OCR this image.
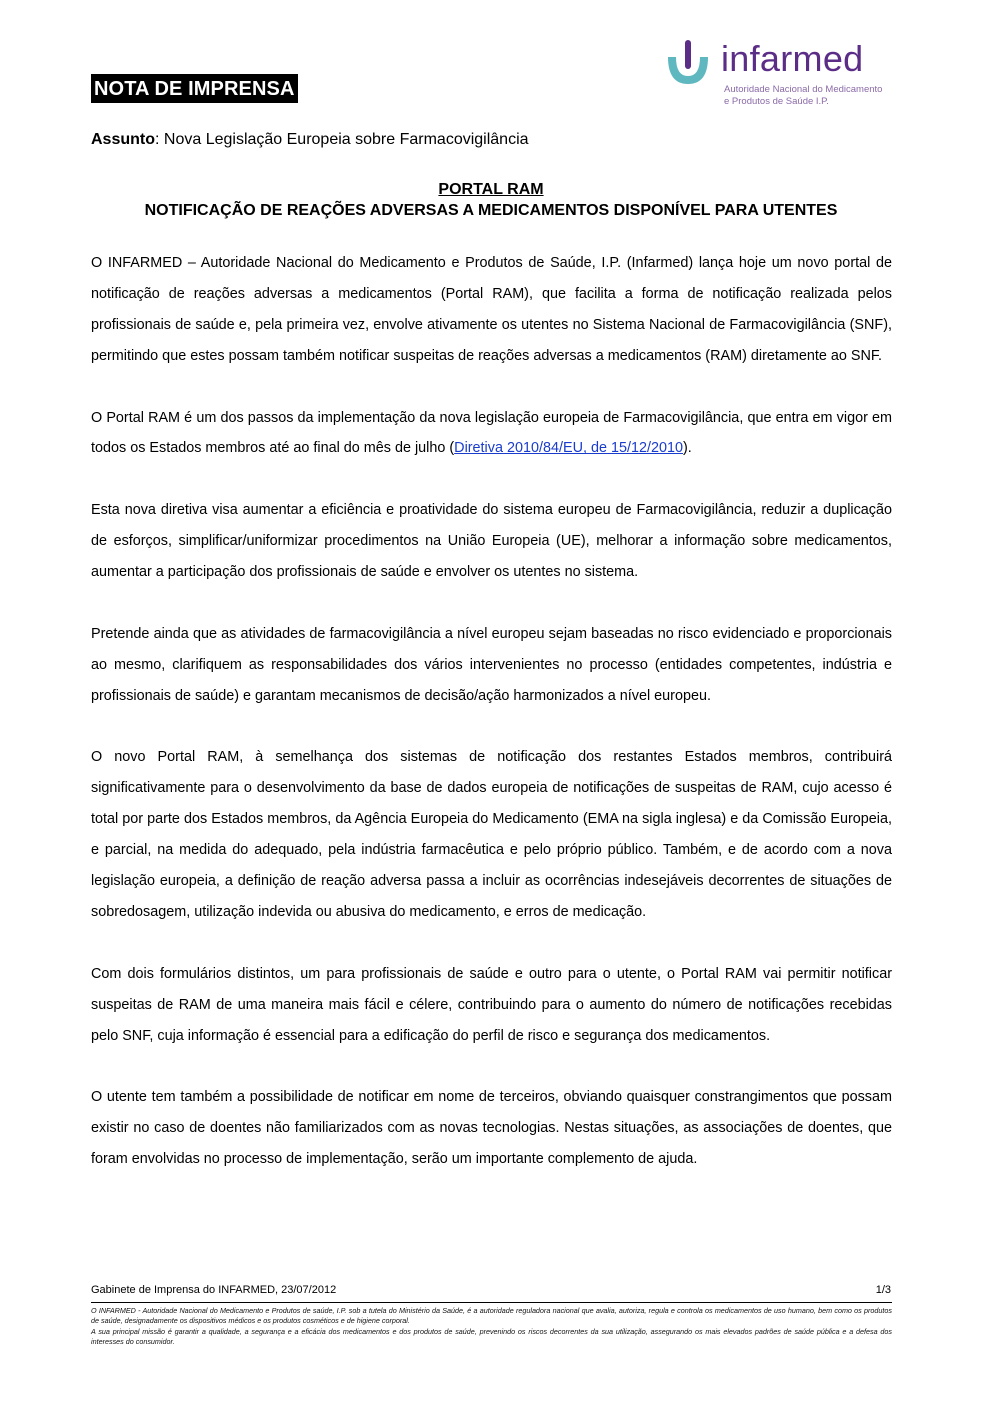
NOTA DE IMPRENSA
infarmed
Autoridade Nacional do Medicamento
e Produtos de Saúde I.P.
Assunto: Nova Legislação Europeia sobre Farmacovigilância
PORTAL RAM
NOTIFICAÇÃO DE REAÇÕES ADVERSAS A MEDICAMENTOS DISPONÍVEL PARA UTENTES

O INFARMED – Autoridade Nacional do Medicamento e Produtos de Saúde, I.P. (Infarmed) lança hoje um novo portal de notificação de reações adversas a medicamentos (Portal RAM), que facilita a forma de notificação realizada pelos profissionais de saúde e, pela primeira vez, envolve ativamente os utentes no Sistema Nacional de Farmacovigilância (SNF), permitindo que estes possam também notificar suspeitas de reações adversas a medicamentos (RAM) diretamente ao SNF.

O Portal RAM é um dos passos da implementação da nova legislação europeia de Farmacovigilância, que entra em vigor em todos os Estados membros até ao final do mês de julho (Diretiva 2010/84/EU, de 15/12/2010).

Esta nova diretiva visa aumentar a eficiência e proatividade do sistema europeu de Farmacovigilância, reduzir a duplicação de esforços, simplificar/uniformizar procedimentos na União Europeia (UE), melhorar a informação sobre medicamentos, aumentar a participação dos profissionais de saúde e envolver os utentes no sistema.

Pretende ainda que as atividades de farmacovigilância a nível europeu sejam baseadas no risco evidenciado e proporcionais ao mesmo, clarifiquem as responsabilidades dos vários intervenientes no processo (entidades competentes, indústria e profissionais de saúde) e garantam mecanismos de decisão/ação harmonizados a nível europeu.

O novo Portal RAM, à semelhança dos sistemas de notificação dos restantes Estados membros, contribuirá significativamente para o desenvolvimento da base de dados europeia de notificações de suspeitas de RAM, cujo acesso é total por parte dos Estados membros, da Agência Europeia do Medicamento (EMA na sigla inglesa) e da Comissão Europeia, e parcial, na medida do adequado, pela indústria farmacêutica e pelo próprio público. Também, e de acordo com a nova legislação europeia, a definição de reação adversa passa a incluir as ocorrências indesejáveis decorrentes de situações de sobredosagem, utilização indevida ou abusiva do medicamento, e erros de medicação.

Com dois formulários distintos, um para profissionais de saúde e outro para o utente, o Portal RAM vai permitir notificar suspeitas de RAM de uma maneira mais fácil e célere, contribuindo para o aumento do número de notificações recebidas pelo SNF, cuja informação é essencial para a edificação do perfil de risco e segurança dos medicamentos.

O utente tem também a possibilidade de notificar em nome de terceiros, obviando quaisquer constrangimentos que possam existir no caso de doentes não familiarizados com as novas tecnologias. Nestas situações, as associações de doentes, que foram envolvidas no processo de implementação, serão um importante complemento de ajuda.

Gabinete de Imprensa do INFARMED, 23/07/2012	1/3
O INFARMED - Autoridade Nacional do Medicamento e Produtos de saúde, I.P. sob a tutela do Ministério da Saúde, é a autoridade reguladora nacional que avalia, autoriza, regula e controla os medicamentos de uso humano, bem como os produtos de saúde, designadamente os dispositivos médicos e os produtos cosméticos e de higiene corporal.
A sua principal missão é garantir a qualidade, a segurança e a eficácia dos medicamentos e dos produtos de saúde, prevenindo os riscos decorrentes da sua utilização, assegurando os mais elevados padrões de saúde pública e a defesa dos interesses do consumidor.
